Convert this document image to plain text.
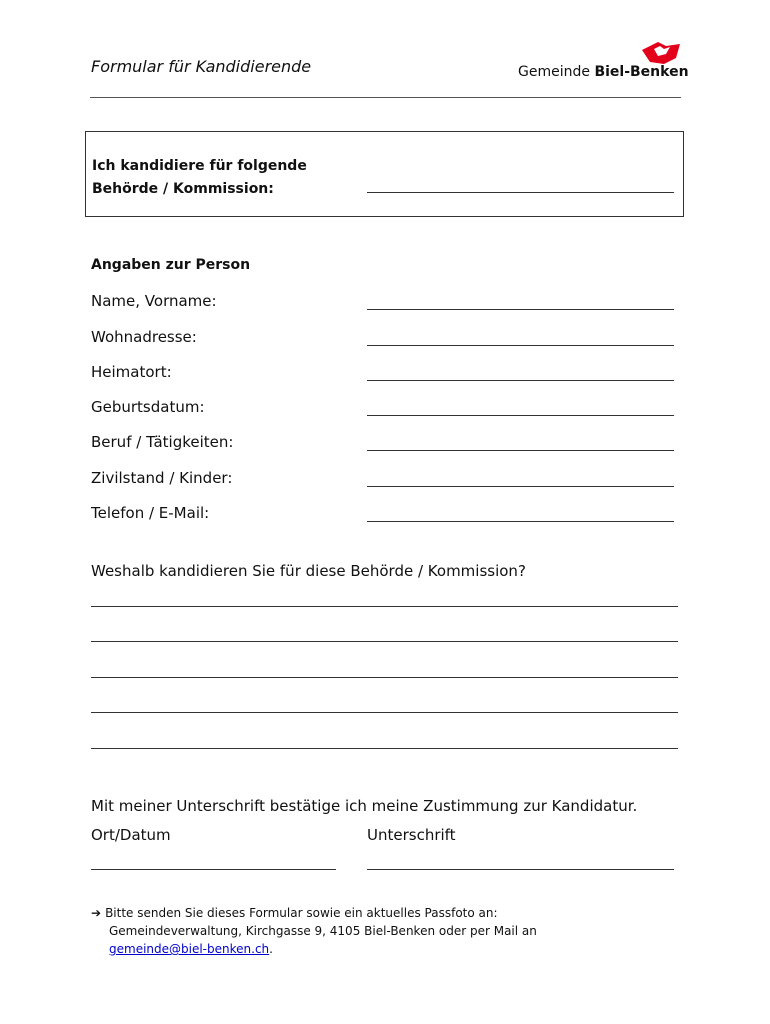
Formular für Kandidierende	Gemeinde Biel-Benken
Ich kandidiere für folgende
Behörde / Kommission:
Angaben zur Person
Name, Vorname:
Wohnadresse:
Heimatort:
Geburtsdatum:
Beruf / Tätigkeiten:
Zivilstand / Kinder:
Telefon / E-Mail:
Weshalb kandidieren Sie für diese Behörde / Kommission?
Mit meiner Unterschrift bestätige ich meine Zustimmung zur Kandidatur.
Ort/Datum	Unterschrift
➔ Bitte senden Sie dieses Formular sowie ein aktuelles Passfoto an:
Gemeindeverwaltung, Kirchgasse 9, 4105 Biel-Benken oder per Mail an
gemeinde@biel-benken.ch.
